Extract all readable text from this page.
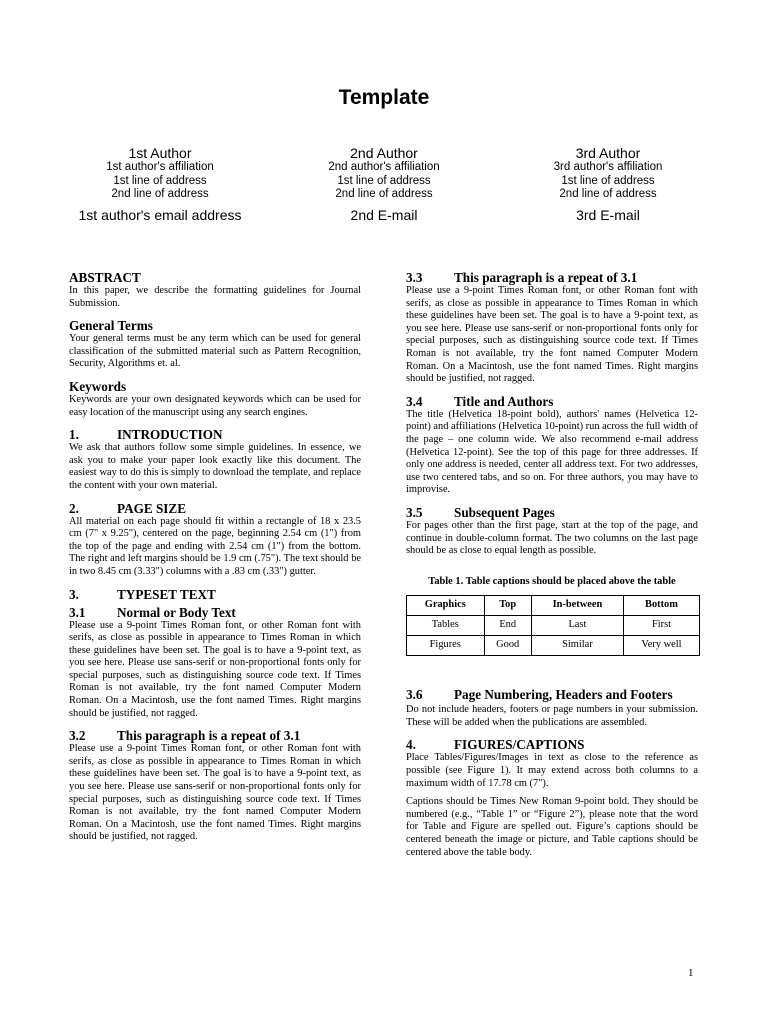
Template
1st Author
1st author's affiliation
1st line of address
2nd line of address
1st author's email address
2nd Author
2nd author's affiliation
1st line of address
2nd line of address
2nd E-mail
3rd Author
3rd author's affiliation
1st line of address
2nd line of address
3rd E-mail
ABSTRACT

In this paper, we describe the formatting guidelines for Journal Submission.

General Terms

Your general terms must be any term which can be used for general classification of the submitted material such as Pattern Recognition, Security, Algorithms et. al.

Keywords

Keywords are your own designated keywords which can be used for easy location of the manuscript using any search engines.

1.	INTRODUCTION

We ask that authors follow some simple guidelines. In essence, we ask you to make your paper look exactly like this document. The easiest way to do this is simply to download the template, and replace the content with your own material.

2.	PAGE SIZE

All material on each page should fit within a rectangle of 18 x 23.5 cm (7" x 9.25"), centered on the page, beginning 2.54 cm (1") from the top of the page and ending with 2.54 cm (1") from the bottom. The right and left margins should be 1.9 cm (.75"). The text should be in two 8.45 cm (3.33") columns with a .83 cm (.33") gutter.

3.	TYPESET TEXT
3.1 Normal or Body Text

Please use a 9-point Times Roman font, or other Roman font with serifs, as close as possible in appearance to Times Roman in which these guidelines have been set. The goal is to have a 9-point text, as you see here. Please use sans-serif or non-proportional fonts only for special purposes, such as distinguishing source code text. If Times Roman is not available, try the font named Computer Modern Roman. On a Macintosh, use the font named Times. Right margins should be justified, not ragged.

3.2 This paragraph is a repeat of 3.1

Please use a 9-point Times Roman font, or other Roman font with serifs, as close as possible in appearance to Times Roman in which these guidelines have been set. The goal is to have a 9-point text, as you see here. Please use sans-serif or non-proportional fonts only for special purposes, such as distinguishing source code text. If Times Roman is not available, try the font named Computer Modern Roman. On a Macintosh, use the font named Times. Right margins should be justified, not ragged.

3.3 This paragraph is a repeat of 3.1

Please use a 9-point Times Roman font, or other Roman font with serifs, as close as possible in appearance to Times Roman in which these guidelines have been set. The goal is to have a 9-point text, as you see here. Please use sans-serif or non-proportional fonts only for special purposes, such as distinguishing source code text. If Times Roman is not available, try the font named Computer Modern Roman. On a Macintosh, use the font named Times. Right margins should be justified, not ragged.

3.4 Title and Authors

The title (Helvetica 18-point bold), authors' names (Helvetica 12-point) and affiliations (Helvetica 10-point) run across the full width of the page – one column wide. We also recommend e-mail address (Helvetica 12-point). See the top of this page for three addresses. If only one address is needed, center all address text. For two addresses, use two centered tabs, and so on. For three authors, you may have to improvise.

3.5 Subsequent Pages

For pages other than the first page, start at the top of the page, and continue in double-column format. The two columns on the last page should be as close to equal length as possible.

Table 1. Table captions should be placed above the table
Graphics	Top	In-between	Bottom
Tables	End	Last	First
Figures	Good	Similar	Very well
3.6 Page Numbering, Headers and Footers

Do not include headers, footers or page numbers in your submission. These will be added when the publications are assembled.

4.	FIGURES/CAPTIONS

Place Tables/Figures/Images in text as close to the reference as possible (see Figure 1). It may extend across both columns to a maximum width of 17.78 cm (7").

Captions should be Times New Roman 9-point bold. They should be numbered (e.g., “Table 1” or “Figure 2”), please note that the word for Table and Figure are spelled out. Figure’s captions should be centered beneath the image or picture, and Table captions should be centered above the table body.

1
